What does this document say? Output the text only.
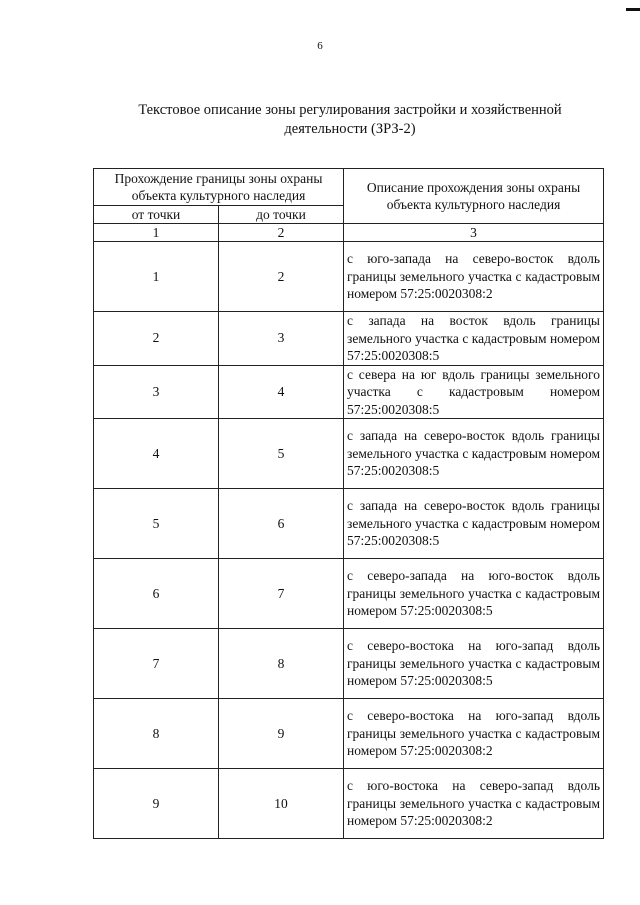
6
Текстовое описание зоны регулирования застройки и хозяйственной
деятельности (ЗРЗ-2)
Прохождение границы зоны охраны объекта культурного наследия		Описание прохождения зоны охраны объекта культурного наследия
от точки	до точки	
1	2	3
1	2	с юго-запада на северо-восток вдоль границы земельного участка с кадастровым номером 57:25:0020308:2
2	3	с запада на восток вдоль границы земельного участка с кадастровым номером 57:25:0020308:5
3	4	с севера на юг вдоль границы земельного участка с кадастровым номером 57:25:0020308:5
4	5	с запада на северо-восток вдоль границы земельного участка с кадастровым номером 57:25:0020308:5
5	6	с запада на северо-восток вдоль границы земельного участка с кадастровым номером 57:25:0020308:5
6	7	с северо-запада на юго-восток вдоль границы земельного участка с кадастровым номером 57:25:0020308:5
7	8	с северо-востока на юго-запад вдоль границы земельного участка с кадастровым номером 57:25:0020308:5
8	9	с северо-востока на юго-запад вдоль границы земельного участка с кадастровым номером 57:25:0020308:2
9	10	с юго-востока на северо-запад вдоль границы земельного участка с кадастровым номером 57:25:0020308:2
